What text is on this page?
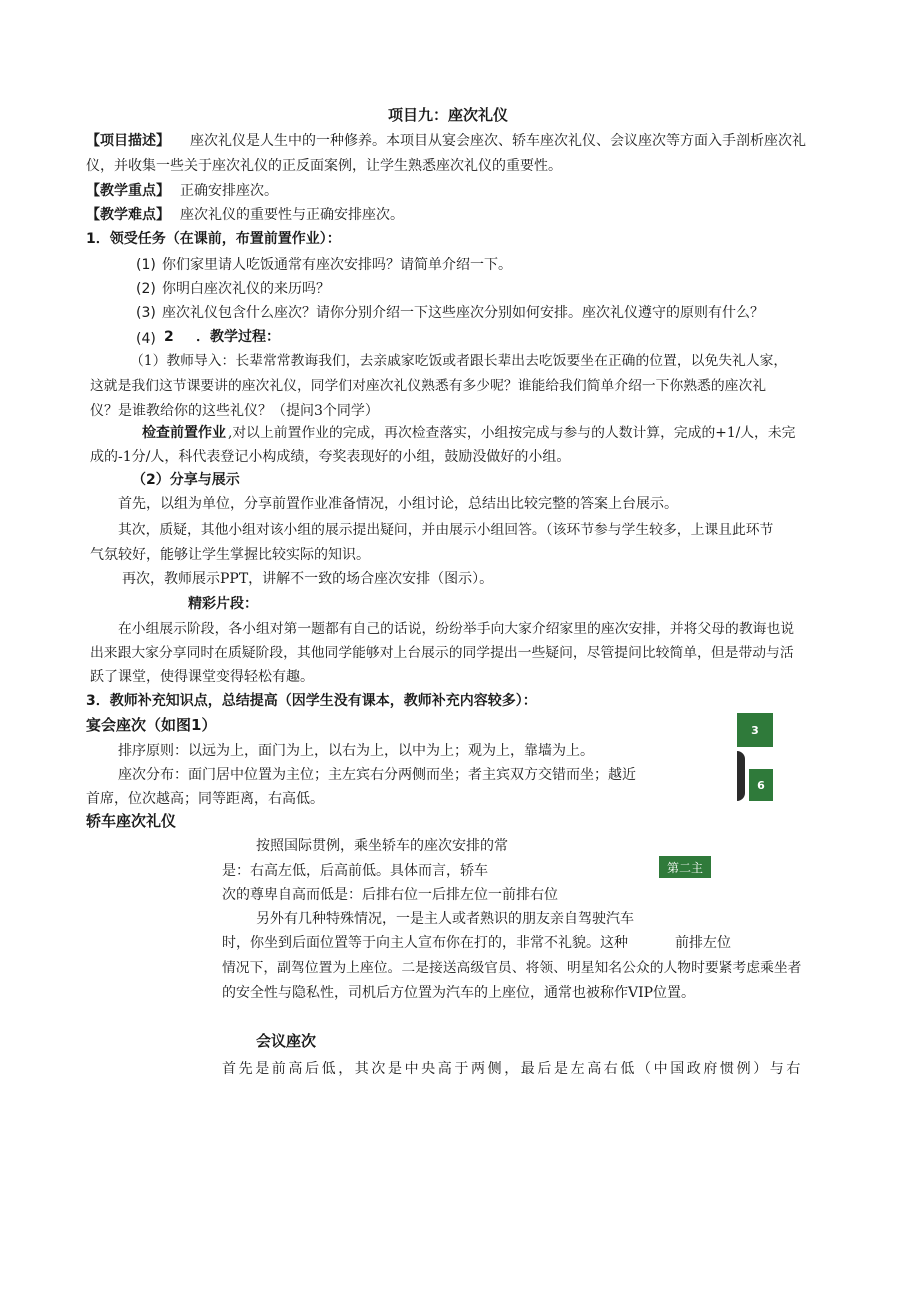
项目九：座次礼仪
【项目描述】 座次礼仪是人生中的一种修养。本项目从宴会座次、轿车座次礼仪、会议座次等方面入手剖析座次礼
仪，并收集一些关于座次礼仪的正反面案例，让学生熟悉座次礼仪的重要性。
【教学重点】 正确安排座次。
【教学难点】 座次礼仪的重要性与正确安排座次。
1．领受任务（在课前，布置前置作业）：
(1) 你们家里请人吃饭通常有座次安排吗？请简单介绍一下。
(2) 你明白座次礼仪的来历吗？
(3) 座次礼仪包含什么座次？请你分别介绍一下这些座次分别如何安排。座次礼仪遵守的原则有什么？
(4) 2 ．教学过程：
（1）教师导入：长辈常常教诲我们，去亲戚家吃饭或者跟长辈出去吃饭要坐在正确的位置，以免失礼人家，
这就是我们这节课要讲的座次礼仪，同学们对座次礼仪熟悉有多少呢？谁能给我们简单介绍一下你熟悉的座次礼
仪？是谁教给你的这些礼仪？（提问3个同学）
检查前置作业 ,对以上前置作业的完成，再次检查落实，小组按完成与参与的人数计算，完成的+1/人，未完
成的-1分/人，科代表登记小构成绩，夸奖表现好的小组，鼓励没做好的小组。
（2）分享与展示
首先，以组为单位，分享前置作业准备情况，小组讨论，总结出比较完整的答案上台展示。
其次，质疑，其他小组对该小组的展示提出疑问，并由展示小组回答。（该环节参与学生较多，上课且此环节
气氛较好，能够让学生掌握比较实际的知识。
再次，教师展示PPT，讲解不一致的场合座次安排（图示）。
精彩片段：
在小组展示阶段，各小组对第一题都有自己的话说，纷纷举手向大家介绍家里的座次安排，并将父母的教诲也说
出来跟大家分享同时在质疑阶段，其他同学能够对上台展示的同学提出一些疑问，尽管提问比较简单，但是带动与活
跃了课堂，使得课堂变得轻松有趣。
3．教师补充知识点，总结提高（因学生没有课本，教师补充内容较多）：
宴会座次（如图1）
排序原则：以远为上，面门为上，以右为上，以中为上；观为上，靠墙为上。
座次分布：面门居中位置为主位；主左宾右分两侧而坐；者主宾双方交错而坐；越近
首席，位次越高；同等距离，右高低。
3
6
轿车座次礼仪
按照国际贯例，乘坐轿车的座次安排的常
是：右高左低，后高前低。具体而言，轿车	第二主
次的尊卑自高而低是：后排右位一后排左位一前排右位
另外有几种特殊情况，一是主人或者熟识的朋友亲自驾驶汽车
时，你坐到后面位置等于向主人宣布你在打的，非常不礼貌。这种	前排左位
情况下，副驾位置为上座位。二是接送高级官员、将领、明星知名公众的人物时要紧考虑乘坐者
的安全性与隐私性，司机后方位置为汽车的上座位，通常也被称作VIP位置。
会议座次
首先是前高后低，其次是中央高于两侧，最后是左高右低（中国政府惯例）与右
